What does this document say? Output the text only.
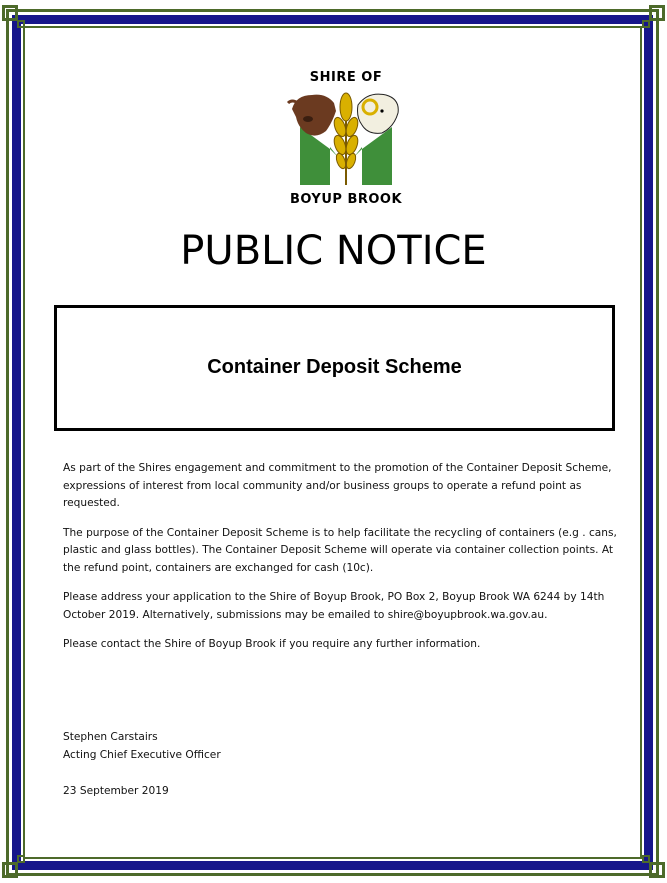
SHIRE OF
BOYUP BROOK
PUBLIC NOTICE
Container Deposit Scheme

As part of the Shires engagement and commitment to the promotion of the Container Deposit Scheme, expressions of interest from local community and/or business groups to operate a refund point as requested.

The purpose of the Container Deposit Scheme is to help facilitate the recycling of containers (e.g . cans, plastic and glass bottles). The Container Deposit Scheme will operate via container collection points. At the refund point, containers are exchanged for cash (10c).

Please address your application to the Shire of Boyup Brook, PO Box 2, Boyup Brook WA 6244 by 14th October 2019. Alternatively, submissions may be emailed to shire@boyupbrook.wa.gov.au.

Please contact the Shire of Boyup Brook if you require any further information.

Stephen Carstairs
Acting Chief Executive Officer
23 September 2019
